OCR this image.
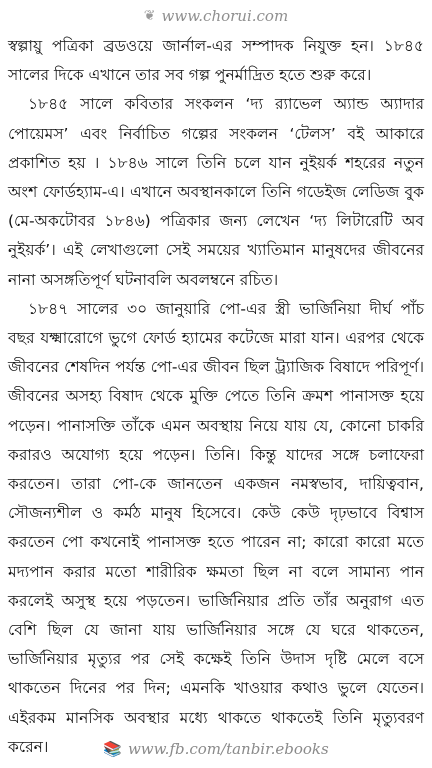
❦ www.chorui.com

স্বল্পায়ু পত্রিকা ব্রডওয়ে জার্নাল-এর সম্পাদক নিযুক্ত হন। ১৮৪৫ সালের দিকে এখানে তার সব গল্প পুনর্মাদ্রিত হতে শুরু করে।

১৮৪৫ সালে কবিতার সংকলন ‘দ্য র‍্যাভেল অ্যান্ড অ্যাদার পোয়েমস’ এবং নির্বাচিত গল্পের সংকলন ‘টেলস’ বই আকারে প্রকাশিত হয় । ১৮৪৬ সালে তিনি চলে যান নুইয়র্ক শহরের নতুন অংশ ফোর্ডহ্যাম-এ। এখানে অবস্থানকালে তিনি গডেইজ লেডিজ বুক (মে-অকটোবর ১৮৪৬) পত্রিকার জন্য লেখেন ‘দ্য লিটারেটি অব নুইয়র্ক’। এই লেখাগুলো সেই সময়ের খ্যাতিমান মানুষদের জীবনের নানা অসঙ্গতিপূর্ণ ঘটনাবলি অবলম্বনে রচিত।

১৮৪৭ সালের ৩০ জানুয়ারি পো-এর স্ত্রী ভার্জিনিয়া দীর্ঘ পাঁচ বছর যক্ষ্মারোগে ভুগে ফোর্ড হ্যামের কটেজে মারা যান। এরপর থেকে জীবনের শেষদিন পর্যন্ত পো-এর জীবন ছিল ট্র্যাজিক বিষাদে পরিপূর্ণ। জীবনের অসহ্য বিষাদ থেকে মুক্তি পেতে তিনি ক্রমশ পানাসক্ত হয়ে পড়েন। পানাসক্তি তাঁকে এমন অবস্থায় নিয়ে যায় যে, কোনো চাকরি করারও অযোগ্য হয়ে পড়েন। তিনি। কিন্তু যাদের সঙ্গে চলাফেরা করতেন। তারা পো-কে জানতেন একজন নমস্বভাব, দায়িত্ববান, সৌজন্যশীল ও কর্মঠ মানুষ হিসেবে। কেউ কেউ দৃঢ়ভাবে বিশ্বাস করতেন পো কখনোই পানাসক্ত হতে পারেন না; কারো কারো মতে মদ্যপান করার মতো শারীরিক ক্ষমতা ছিল না বলে সামান্য পান করলেই অসুস্থ হয়ে পড়তেন। ভার্জিনিয়ার প্রতি তাঁর অনুরাগ এত বেশি ছিল যে জানা যায় ভার্জিনিয়ার সঙ্গে যে ঘরে থাকতেন, ভার্জিনিয়ার মৃত্যুর পর সেই কক্ষেই তিনি উদাস দৃষ্টি মেলে বসে থাকতেন দিনের পর দিন; এমনকি খাওয়ার কথাও ভুলে যেতেন। এইরকম মানসিক অবস্থার মধ্যে থাকতে থাকতেই তিনি মৃত্যুবরণ করেন।	📚 www.fb.com/tanbir.ebooks
